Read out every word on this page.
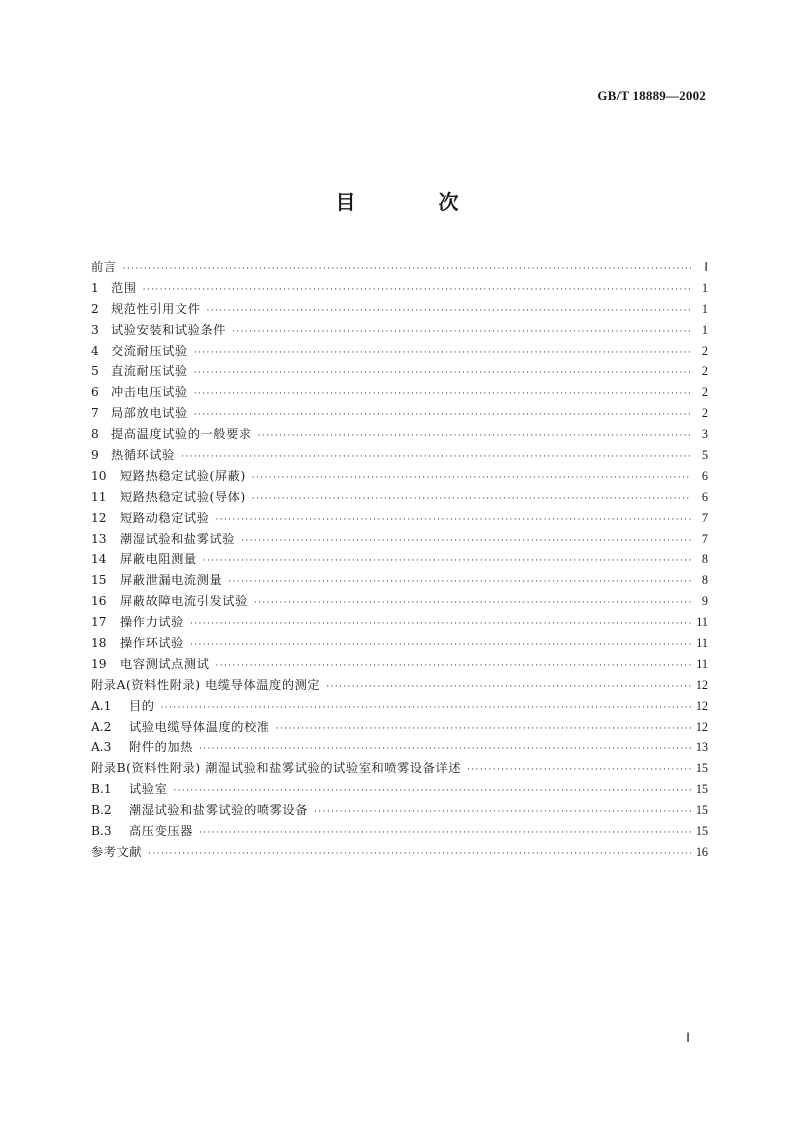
GB/T 18889—2002
目 次
前言 ·····	Ⅰ
1	范围 ·····	1
2	规范性引用文件 ·····	1
3	试验安装和试验条件 ·····	1
4	交流耐压试验 ·····	2
5	直流耐压试验 ·····	2
6	冲击电压试验 ·····	2
7	局部放电试验 ·····	2
8	提高温度试验的一般要求 ·····	3
9	热循环试验 ·····	5
10	短路热稳定试验(屏蔽) ·····	6
11	短路热稳定试验(导体) ·····	6
12	短路动稳定试验 ·····	7
13	潮湿试验和盐雾试验 ·····	7
14	屏蔽电阻测量 ·····	8
15	屏蔽泄漏电流测量 ·····	8
16	屏蔽故障电流引发试验 ·····	9
17	操作力试验 ·····	11
18	操作环试验 ·····	11
19	电容测试点测试 ·····	11
附录A(资料性附录) 电缆导体温度的测定 ·····	12
A.1	目的 ·····	12
A.2	试验电缆导体温度的校准 ·····	12
A.3	附件的加热 ·····	13
附录B(资料性附录) 潮湿试验和盐雾试验的试验室和喷雾设备详述 ·····	15
B.1	试验室 ·····	15
B.2	潮湿试验和盐雾试验的喷雾设备 ·····	15
B.3	高压变压器 ·····	15
参考文献 ·····	16
Ⅰ
